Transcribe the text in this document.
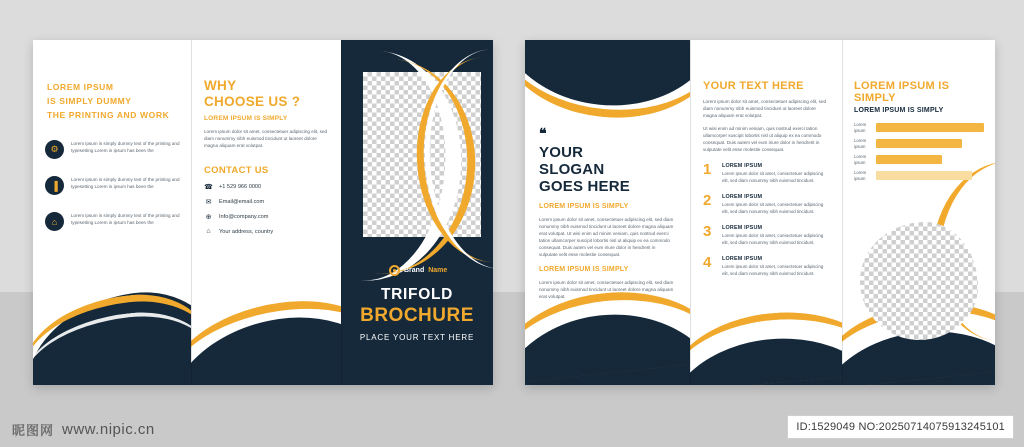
LOREM IPSUM
IS SIMPLY DUMMY
THE PRINTING AND WORK
⚙

Lorem ipsum is simply dummy text of the printing and typesetting Lorem in ipsum has been the

▐

Lorem ipsum is simply dummy text of the printing and typesetting Lorem in ipsum has been the

⌂

Lorem ipsum is simply dummy text of the printing and typesetting Lorem in ipsum has been the

WHY
CHOOSE US ?
LOREM IPSUM IS SIMPLY
Lorem ipsum dolor sit amet, consectetuer adipiscing elit, sed diam nonummy nibh euismod tincidunt ut laoreet dolore magna aliquam erat volutpat.
CONTACT US
☎ +1 529 966 0000
✉ Email@email.com
⊕ Info@company.com
⌂	Your address, country
Brand Name
TRIFOLD
BROCHURE
PLACE YOUR TEXT HERE
❝
YOUR
SLOGAN
GOES HERE
LOREM IPSUM IS SIMPLY
Lorem ipsum dolor sit amet, consectetuer adipiscing elit, sed diam nonummy nibh euismod tincidunt ut laoreet dolore magna aliquam erat volutpat. Ut wisi enim ad minim veniam, quis nostrud exerci tation ullamcorper suscipit lobortis nisl ut aliquip ex ea commodo consequat. Duis autem vel eum iriure dolor in hendrerit in vulputate velit esse molestie consequat.
LOREM IPSUM IS SIMPLY
Lorem ipsum dolor sit amet, consectetuer adipiscing elit, sed diam nonummy nibh euismod tincidunt ut laoreet dolore magna aliquam erat volutpat.
YOUR TEXT HERE
Lorem ipsum dolor sit amet, consectetuer adipiscing elit, sed diam nonummy nibh euismod tincidunt ut laoreet dolore magna aliquam erat volutpat.
Ut wisi enim ad minim veniam, quis nostrud exerci tation ullamcorper suscipit lobortis nisl ut aliquip ex ea commodo consequat. Duis autem vel eum iriure dolor in hendrerit in vulputate velit esse molestie consequat.
1	LOREM IPSUM
Lorem ipsum dolor sit amet, consectetuer adipiscing elit, sed diam nonummy nibh euismod tincidunt.
2	LOREM IPSUM
Lorem ipsum dolor sit amet, consectetuer adipiscing elit, sed diam nonummy nibh euismod tincidunt.
3	LOREM IPSUM
Lorem ipsum dolor sit amet, consectetuer adipiscing elit, sed diam nonummy nibh euismod tincidunt.
4	LOREM IPSUM
Lorem ipsum dolor sit amet, consectetuer adipiscing elit, sed diam nonummy nibh euismod tincidunt.
LOREM IPSUM IS SIMPLY
LOREM IPSUM IS SIMPLY
Lorem ipsum
Lorem ipsum
Lorem ipsum
Lorem ipsum
昵图网 www.nipic.cn	ID:1529049 NO:20250714075913245101
